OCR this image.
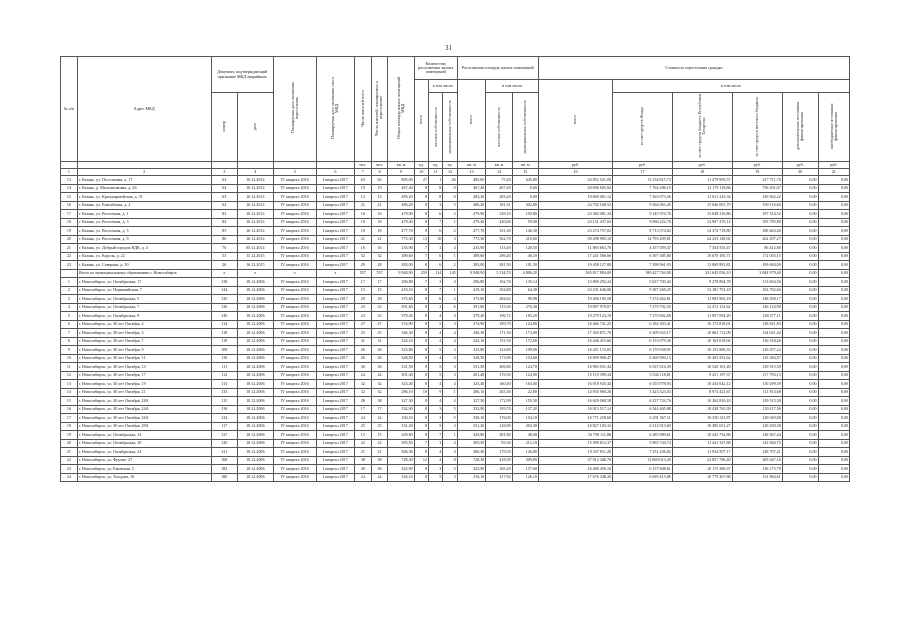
31
№ п/п	Адрес МКД	Документ, подтверждающий признание МКД аварийным		Планируемая дата окончания переселения	Планируемая дата окончания сноса МКД	Число жителей всего	Число жителей, планируемых к переселению	Общая площадь жилых помещений МКД	Количество расселяемых жилых помещений			Расселяемая площадь жилых помещений			Стоимость переселения граждан					
									всего	в том числе		всего	в том числе		всего	в том числе				
		номер	дата							частная собственность	муниципальная собственность		частная собственность	муниципальная собственность		за счет средств Фонда	за счет средств бюджета Республики Татарстан	за счет средств местного бюджета	дополнительные источники финансирования	внебюджетные источники финансирования
						чел.	чел.	кв. м	ед.	ед.	ед.	кв. м	кв. м	кв. м	руб.	руб.	руб.	руб.	руб.	руб.
1	2	3	4	5	6	7	8	9	10	11	12	13	14	15	16	17	18	19	20	21
13	г. Казань, ул. Поселковая, д. 17	62	16.12.2014	IV квартал 2016	I квартал 2017	63	63	885,00	27	1	26	485,00	75,20	645,80	24 852 521,00	13 154 815,73	11 479 993,57	217 711,70	0,00	0,00
14	г. Казань, д. Малошелковка, д. 26	64	16.12.2014	IV квартал 2016	I квартал 2017	19	19	467,40	8	8	0	467,40	467,40	0,00	20 696 605,84	7 764 286,19	12 175 118,86	756 201,07	0,00	0,00
15	г. Казань, ул. Красноармейская, д. 31	63	16.12.2014	IV квартал 2016	I квартал 2017	13	13	283,20	8	8	0	283,20	283,20	0,00	19 669 001,12	7 363 073,56	11 611 243,34	149 362,22	0,00	0,00
16	г. Казань, ул. Енисейская, д. 2	62	16.12.2014	IV квартал 2016	I квартал 2017	21	21	486,20	8	3	5	486,20	181,31	302,80	24 702 168,52	9 364 063,45	15 046 001,79	190 116,66	0,00	0,00
17	г. Казань, ул. Восточная, д. 1	83	16.12.2014	IV квартал 2016	I квартал 2017	16	16	479,90	8	6	2	479,90	329,10	150,80	24 382 081,34	9 145 974,76	15 048 316,86	187 514,52	0,00	0,00
18	г. Казань, ул. Восточная, д. 3	84	16.12.2014	IV квартал 2016	I квартал 2017	18	18	479,40	8	7	1	479,40	420,60	59,00	24 131 437,04	9 066 222,70	14 907 470,12	185 795,80	0,00	0,00
19	г. Казань, ул. Восточная, д. 5	85	16.12.2014	IV квартал 2016	I квартал 2017	18	18	477,70	8	6	2	477,70	331,40	146,30	23 274 757,02	8 713 574,82	14 374 718,80	186 463,40	0,00	0,00
20	г. Казань, ул. Восточная, д. 9	86	16.12.2014	IV квартал 2016	I квартал 2017	21	21	773,30	13	10	3	773,30	562,70	210,60	39 298 905,10	14 793 459,81	24 233 148,02	262 297,27	0,00	0,00
21	г. Казань, ул. Добрый городок ВДК, д. 4	70	05.12.2014	IV квартал 2016	I квартал 2017	16	16	233,90	7	3	4	233,90	113,40	120,50	11 883 663,70	4 457 059,47	7 354 553,47	86 412,80	0,00	0,00
22	г. Казань, ул. Короля, д. 22	53	15.12.2015	IV квартал 2016	I квартал 2017	32	32	389,60	7	6	1	389,60	296,40	46,10	17 241 566,66	6 397 385,80	10 670 185,71	172 035,15	0,00	0,00
23	г. Казань, ул. Северная, д. 50	26	16.12.2015	IV квартал 2016	I квартал 2017	29	28	383,00	8	6	2	383,00	281,50	101,50	19 458 127,80	7 398 961,93	12 069 981,81	189 684,06	0,00	0,00
	Итого по муниципальному образованию г. Новосибирск	x	x	x	x	557	557	9 940,90	259	114	145	9 940,90	5 134,70	4 806,20	565 817 804,00	180 427 764,00	331 645 056,10	3 844 979,40	0,00	0,00
1	г. Новосибирск, ул. Октябрьская, 17	138	18.12.2006	IV квартал 2016	I квартал 2017	17	17	296,80	7	3	4	296,80	162,76	135,14	13 806 292,24	5 637 703,42	9 278 894,78	113 604,56	0,00	0,00
2	г. Новосибирск, ул. Первомайская, 7	144	18.12.2006	IV квартал 2016	I квартал 2017	15	15	419,10	8	7	1	419,10	354,80	64,30	23 231 646,06	9 387 268,25	13 181 791,18	163 792,66	0,00	0,00
3	г. Новосибирск, ул. Октябрьская, 5	135	18.12.2006	IV квартал 2016	I квартал 2017	29	29	375,60	8	6	2	375,60	284,62	90,98	19 266 185,58	7 274 464,81	11 903 965,18	148 358,17	0,00	0,00
4	г. Новосибирск, ул. Октябрьская, 7	136	18.12.2006	IV квартал 2016	I квартал 2017	23	23	391,60	8	2	6	391,60	115,30	276,30	19 897 979,07	7 279 702,55	12 472 152,62	146 123,90	0,00	0,00
5	г. Новосибирск, ул. Октябрьская, 9	140	18.12.2006	IV квартал 2016	I квартал 2017	23	23	379,40	8	4	4	379,40	196,72	183,20	19 279 123,19	7 270 602,68	11 857 094,29	148 277,11	0,00	0,00
6	г. Новосибирск, ул. 30 лет Октября, 4	114	18.12.2006	IV квартал 2016	I квартал 2017	27	27	374,90	8	5	3	374,90	189,70	124,80	16 466 741,25	6 184 303,41	10 173 818,01	128 821,83	0,00	0,00
7	г. Новосибирск, ул. 30 лет Октября, 3	118	18.12.2006	IV квартал 2016	I квартал 2017	25	25	346,30	8	4	4	346,30	171,30	173,00	17 303 871,70	6 309 923,17	10 862 712,09	134 021,42	0,00	0,00
8	г. Новосибирск, ул. 30 лет Октября, 7	119	18.12.2006	IV квартал 2016	I квартал 2017	31	31	324,10	8	4	4	324,10	151,50	172,60	16 446 415,66	6 153 079,36	10 163 018,04	130 318,26	0,00	0,00
9	г. Новосибирск, ул. 30 лет Октября, 9	109	18.12.2006	IV квартал 2016	I квартал 2017	26	26	323,80	8	5	3	323,80	124,80	199,00	16 451 172,05	6 170 928,91	10 153 886,33	126 357,22	0,00	0,00
10	г. Новосибирск, ул. 30 лет Октября, 11	110	18.12.2006	IV квартал 2016	I квартал 2017	26	26	328,50	8	4	4	328,50	173,90	154,60	16 699 968,47	6 260 994,13	10 303 591,62	135 384,37	0,00	0,00
11	г. Новосибирск, ул. 30 лет Октября, 13	111	18.12.2006	IV квартал 2016	I квартал 2017	36	36	331,50	8	5	3	331,50	206,80	124,70	16 983 031,44	6 337 014,39	10 520 101,49	129 915,39	0,00	0,00
12	г. Новосибирск, ул. 30 лет Октября, 17	112	18.12.2006	IV квартал 2016	I квартал 2017	24	24	301,40	8	5	3	301,40	176,50	124,90	15 119 399,34	5 544 118,81	9 451 197,37	117 793,15	0,00	0,00
13	г. Новосибирск, ул. 30 лет Октября, 19	113	18.12.2006	IV квартал 2016	I квартал 2017	32	32	323,40	8	4	4	323,40	160,40	163,00	16 918 925,44	6 353 978,93	10 434 642,12	130 299,39	0,00	0,00
14	г. Новосибирск, ул. 30 лет Октября, 21	133	18.12.2006	IV квартал 2016	I квартал 2017	32	32	286,10	10	9	1	286,10	263,30	22,80	14 935 960,26	5 423 323,03	8 974 421,67	111 813,68	0,00	0,00
15	г. Новосибирск, ул. 30 лет Октября, 28А	115	18.12.2006	IV квартал 2016	I квартал 2017	38	38	327,30	8	4	4	327,30	172,90	155,30	16 629 068,58	6 237 724,76	10 262 816,43	129 515,38	0,00	0,00
16	г. Новосибирск, ул. 30 лет Октября, 24А	116	18.12.2006	IV квартал 2016	I квартал 2017	17	17	332,90	8	3	5	332,90	195,70	137,20	16 913 517,14	6 344 465,88	10 438 763,39	130 117,56	0,00	0,00
17	г. Новосибирск, ул. 30 лет Октября, 26А	122	18.12.2006	IV квартал 2016	I квартал 2017	24	24	330,10	8	3	5	330,10	176,00	154,10	16 771 258,66	6 291 567,11	10 350 311,87	129 049,68	0,00	0,00
18	г. Новосибирск, ул. 30 лет Октября, 29А	117	18.12.2006	IV квартал 2016	I квартал 2017	25	25	331,20	8	5	3	331,20	126,90	204,30	16 827 103,32	6 312 013,69	10 385 651,27	129 439,38	0,00	0,00
19	г. Новосибирск, ул. Октябрьская, 14	137	18.12.2006	IV квартал 2016	I квартал 2017	15	15	329,80	8	7	1	329,80	281,80	48,00	16 758 111,86	6 285 989,61	10 343 754,86	128 367,44	0,00	0,00
20	г. Новосибирск, ул. Октябрьская, 10	120	18.12.2006	IV квартал 2016	I квартал 2017	22	22	305,50	7	3	4	305,50	93,30	212,10	15 309 812,37	5 965 744,74	11 441 327,88	142 846,75	0,00	0,00
21	г. Новосибирск, ул. Октябрьская, 24	121	18.12.2006	IV квартал 2016	I квартал 2017	21	21	306,30	8	4	4	306,30	179,50	126,80	19 337 811,20	7 251 436,82	11 934 597,17	148 707,21	0,00	0,00
22	г. Новосибирск, ул. Фрунзе, 27	168	18.12.2006	IV квартал 2016	I квартал 2017	38	38	728,30	12	4	8	728,30	418,50	309,80	37 012 446,76	13 869 013,20	22 857 786,40	285 647,16	0,00	0,00
23	г. Новосибирск, ул. Ежовская, 5	182	18.12.2006	IV квартал 2016	I квартал 2017	30	30	322,90	8	3	5	322,90	165,20	157,60	16 469 450,10	6 157 848,61	10 175 386,37	136 175,79	0,00	0,00
24	г. Новосибирск, ул. Хлодова, 16	180	18.12.2006	IV квартал 2016	I квартал 2017	24	24	316,10	8	5	3	316,10	217,92	126,10	17 676 348,26	6 695 415,86	10 779 367,88	131 864,61	0,00	0,00
